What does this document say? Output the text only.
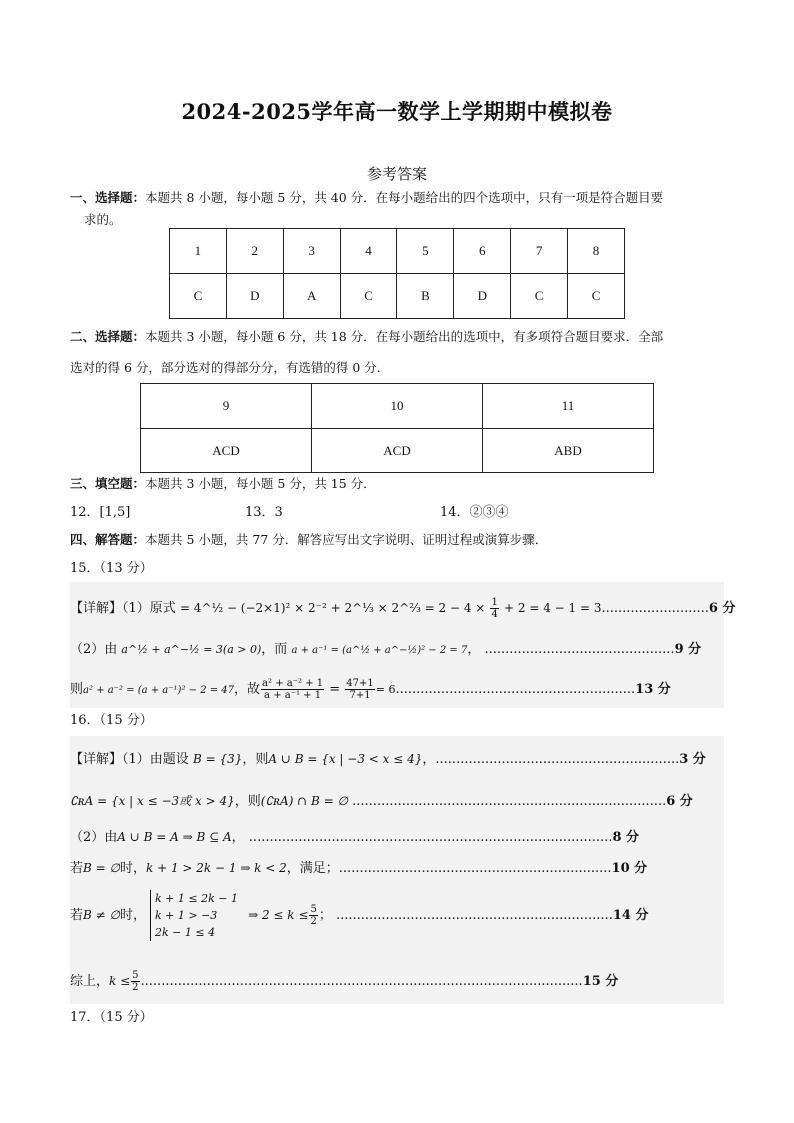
2024-2025学年高一数学上学期期中模拟卷
参考答案
一、选择题：本题共 8 小题，每小题 5 分，共 40 分．在每小题给出的四个选项中，只有一项是符合题目要
求的。
1	2	3	4	5	6	7	8
C	D	A	C	B	D	C	C
二、选择题：本题共 3 小题，每小题 6 分，共 18 分．在每小题给出的选项中，有多项符合题目要求．全部
选对的得 6 分，部分选对的得部分分，有选错的得 0 分．
9	10	11
ACD	ACD	ABD
三、填空题：本题共 3 小题，每小题 5 分，共 15 分．
12．[1,5]	13．3	14．②③④
四、解答题：本题共 5 小题，共 77 分．解答应写出文字说明、证明过程或演算步骤．
15．（13 分）
【详解】（1）原式 = 4^½ − (−2×1)² × 2⁻² + 2^⅓ × 2^⅔ = $2 - 4 \times \frac{1}{4} + 2 = 4 - 1 = 3..........................6$ 分
（2）由 a^½ + a^−½ = 3(a > 0)，而 a + a⁻¹ = (a^½ + a^−½)² − 2 = 7， ..............................................9 分
则a² + a⁻² = (a + a⁻¹)² − 2 = 47，故 $\frac{\text{a² + a⁻² + 1}}{\text{a + a⁻¹ + 1}} = \frac{47+1}{7+1} = 6..........................................................13$ 分
16．（15 分）
【详解】（1）由题设 B = {3}，则A ∪ B = {x | −3 < x ≤ 4}，...........................................................3 分
∁ʀA = {x | x ≤ −3或 x > 4}，则(∁ʀA) ∩ B = ∅ ............................................................................6 分
（2）由A ∪ B = A ⇒ B ⊆ A， ........................................................................................8 分
若B = ∅时，k + 1 > 2k − 1 ⇒ k < 2，满足；..................................................................10 分
若B ≠ ∅时，
k + 1 ≤ 2k − 1
k + 1 > −3
2k − 1 ≤ 4
⇒ $2 \le k \le \frac{5}{2}$ ； ...................................................................14 分
综上，$k \le \frac{5}{2} ...........................................................................................................15$ 分
17．（15 分）
